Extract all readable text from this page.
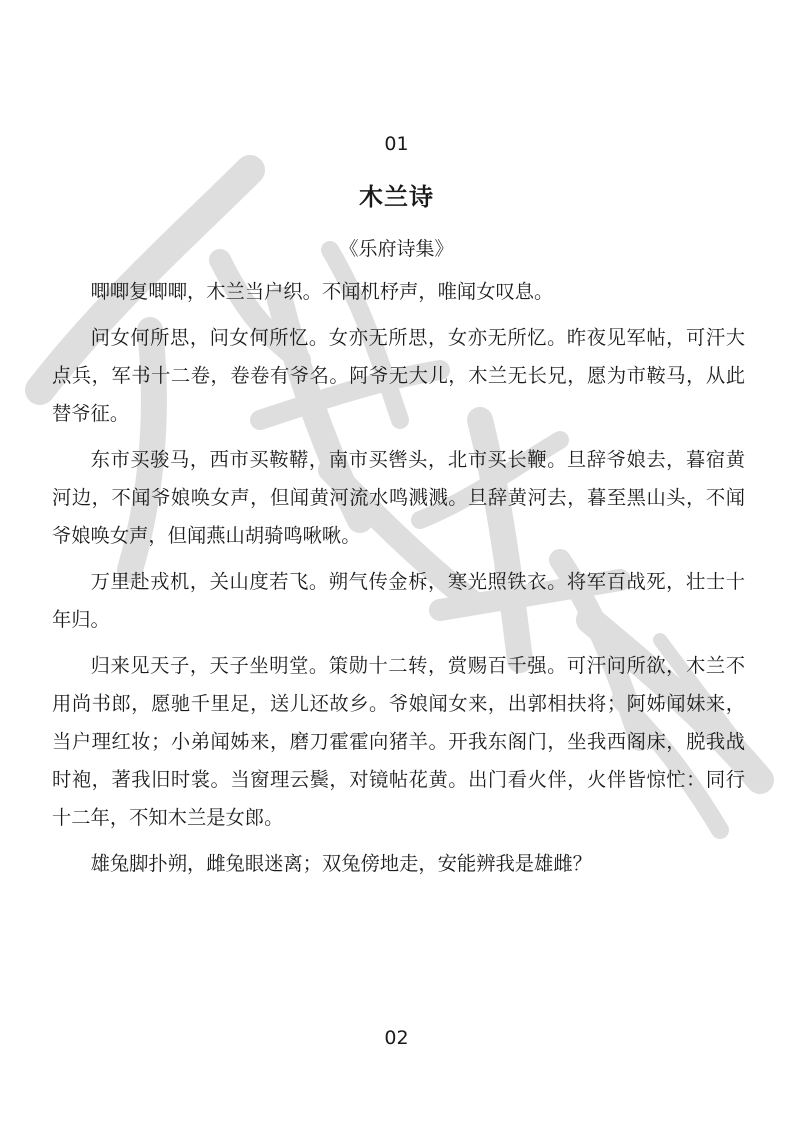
01
木兰诗
《乐府诗集》

唧唧复唧唧，木兰当户织。不闻机杼声，唯闻女叹息。

问女何所思，问女何所忆。女亦无所思，女亦无所忆。昨夜见军帖，可汗大点兵，军书十二卷，卷卷有爷名。阿爷无大儿，木兰无长兄，愿为市鞍马，从此替爷征。

东市买骏马，西市买鞍鞯，南市买辔头，北市买长鞭。旦辞爷娘去，暮宿黄河边，不闻爷娘唤女声，但闻黄河流水鸣溅溅。旦辞黄河去，暮至黑山头，不闻爷娘唤女声，但闻燕山胡骑鸣啾啾。

万里赴戎机，关山度若飞。朔气传金柝，寒光照铁衣。将军百战死，壮士十年归。

归来见天子，天子坐明堂。策勋十二转，赏赐百千强。可汗问所欲，木兰不用尚书郎，愿驰千里足，送儿还故乡。爷娘闻女来，出郭相扶将；阿姊闻妹来，当户理红妆；小弟闻姊来，磨刀霍霍向猪羊。开我东阁门，坐我西阁床，脱我战时袍，著我旧时裳。当窗理云鬓，对镜帖花黄。出门看火伴，火伴皆惊忙：同行十二年，不知木兰是女郎。

雄兔脚扑朔，雌兔眼迷离；双兔傍地走，安能辨我是雄雌？

02
